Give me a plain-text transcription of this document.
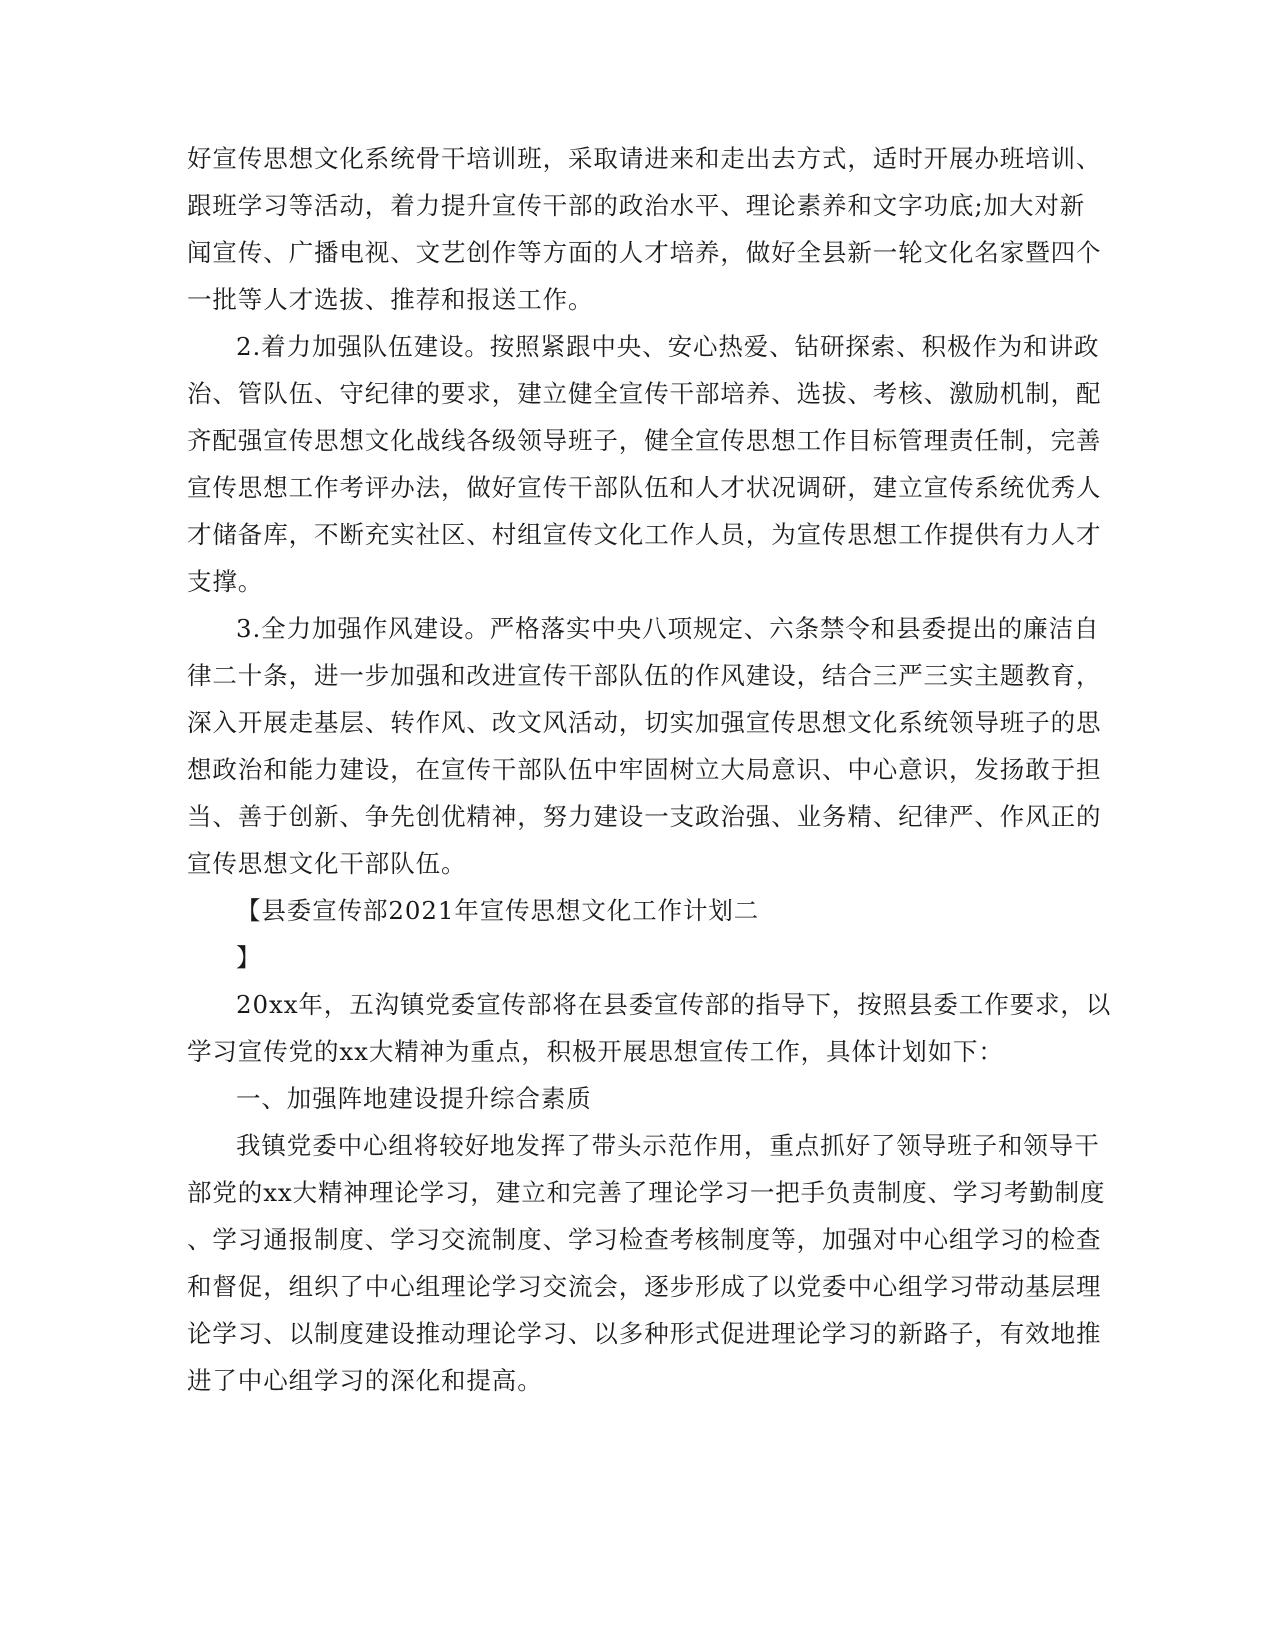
好宣传思想文化系统骨干培训班，采取请进来和走出去方式，适时开展办班培训、
跟班学习等活动，着力提升宣传干部的政治水平、理论素养和文字功底;加大对新
闻宣传、广播电视、文艺创作等方面的人才培养，做好全县新一轮文化名家暨四个
一批等人才选拔、推荐和报送工作。
2.着力加强队伍建设。按照紧跟中央、安心热爱、钻研探索、积极作为和讲政
治、管队伍、守纪律的要求，建立健全宣传干部培养、选拔、考核、激励机制，配
齐配强宣传思想文化战线各级领导班子，健全宣传思想工作目标管理责任制，完善
宣传思想工作考评办法，做好宣传干部队伍和人才状况调研，建立宣传系统优秀人
才储备库，不断充实社区、村组宣传文化工作人员，为宣传思想工作提供有力人才
支撑。
3.全力加强作风建设。严格落实中央八项规定、六条禁令和县委提出的廉洁自
律二十条，进一步加强和改进宣传干部队伍的作风建设，结合三严三实主题教育，
深入开展走基层、转作风、改文风活动，切实加强宣传思想文化系统领导班子的思
想政治和能力建设，在宣传干部队伍中牢固树立大局意识、中心意识，发扬敢于担
当、善于创新、争先创优精神，努力建设一支政治强、业务精、纪律严、作风正的
宣传思想文化干部队伍。
【县委宣传部2021年宣传思想文化工作计划二
】
20xx年，五沟镇党委宣传部将在县委宣传部的指导下，按照县委工作要求，以
学习宣传党的xx大精神为重点，积极开展思想宣传工作，具体计划如下：
一、加强阵地建设提升综合素质
我镇党委中心组将较好地发挥了带头示范作用，重点抓好了领导班子和领导干
部党的xx大精神理论学习，建立和完善了理论学习一把手负责制度、学习考勤制度
、学习通报制度、学习交流制度、学习检查考核制度等，加强对中心组学习的检查
和督促，组织了中心组理论学习交流会，逐步形成了以党委中心组学习带动基层理
论学习、以制度建设推动理论学习、以多种形式促进理论学习的新路子，有效地推
进了中心组学习的深化和提高。
